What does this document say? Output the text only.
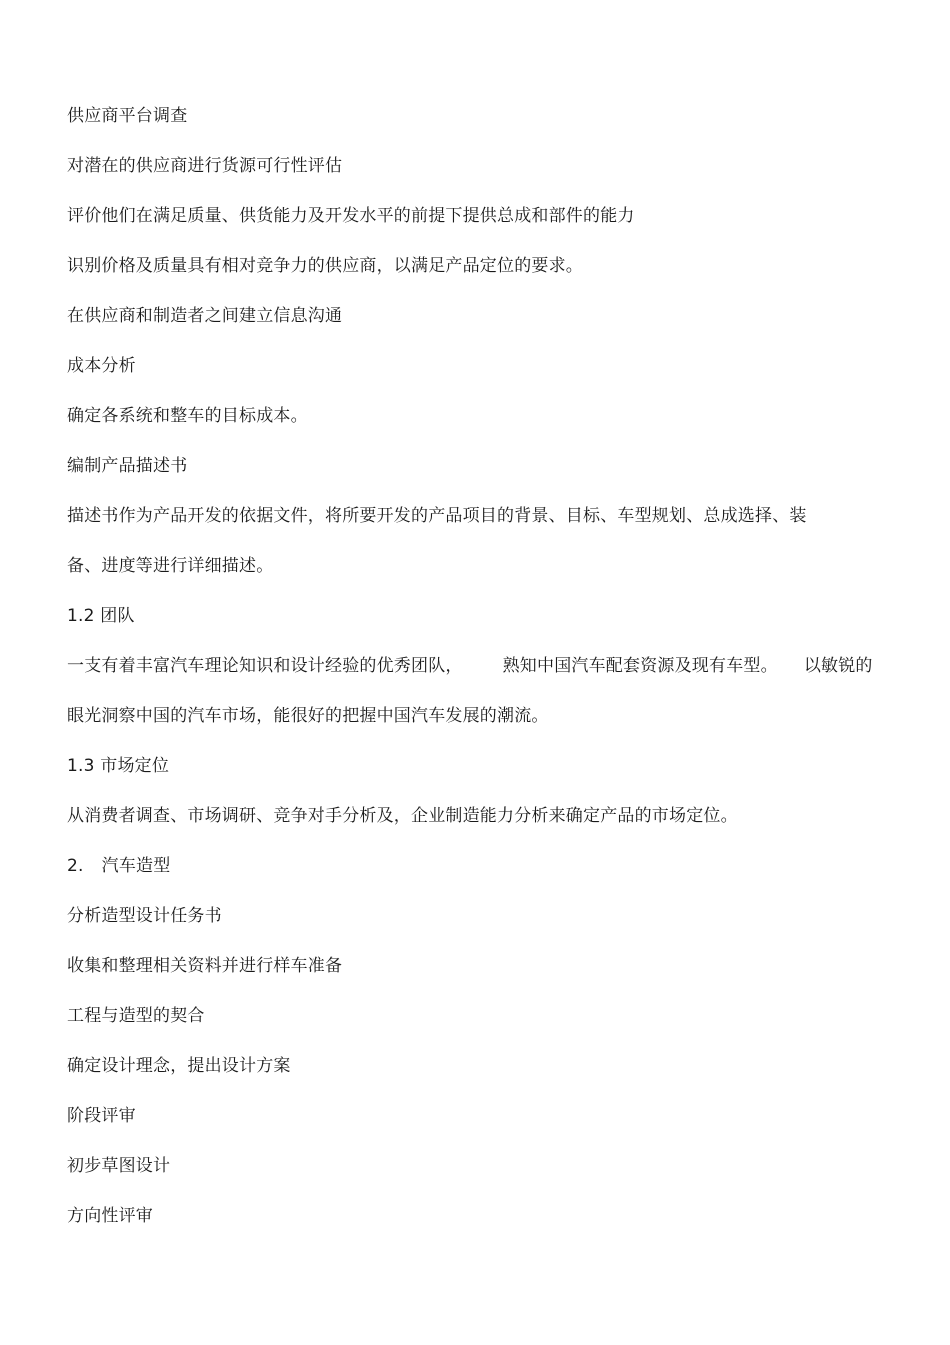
供应商平台调查
对潜在的供应商进行货源可行性评估
评价他们在满足质量、供货能力及开发水平的前提下提供总成和部件的能力
识别价格及质量具有相对竞争力的供应商，以满足产品定位的要求。
在供应商和制造者之间建立信息沟通
成本分析
确定各系统和整车的目标成本。
编制产品描述书
描述书作为产品开发的依据文件，将所要开发的产品项目的背景、目标、车型规划、总成选择、装
备、进度等进行详细描述。
1.2 团队
一支有着丰富汽车理论知识和设计经验的优秀团队， 熟知中国汽车配套资源及现有车型。 以敏锐的
眼光洞察中国的汽车市场，能很好的把握中国汽车发展的潮流。
1.3 市场定位
从消费者调查、市场调研、竞争对手分析及，企业制造能力分析来确定产品的市场定位。
2. 汽车造型
分析造型设计任务书
收集和整理相关资料并进行样车准备
工程与造型的契合
确定设计理念，提出设计方案
阶段评审
初步草图设计
方向性评审
